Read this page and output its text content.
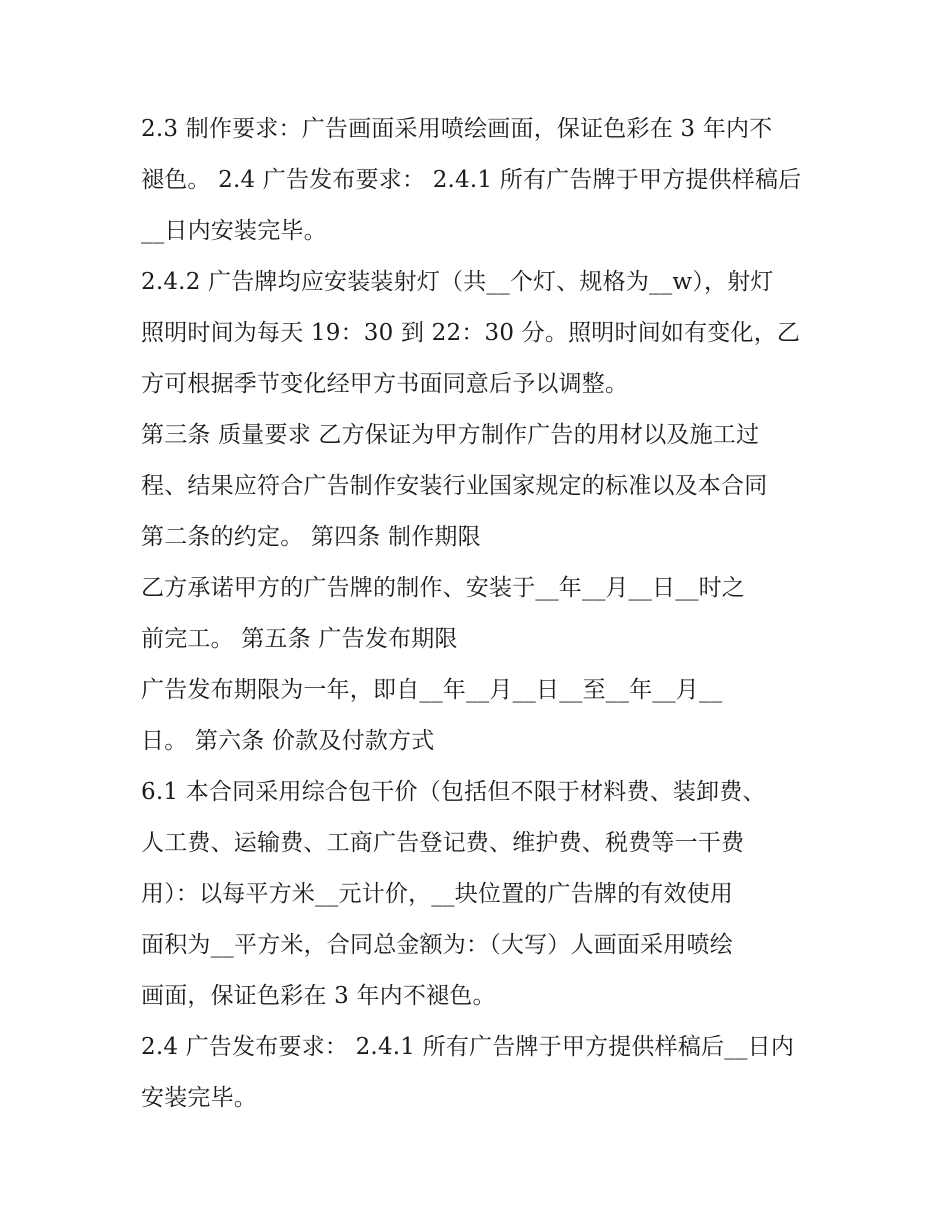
2.3 制作要求：广告画面采用喷绘画面，保证色彩在 3 年内不
褪色。 2.4 广告发布要求： 2.4.1 所有广告牌于甲方提供样稿后
__日内安装完毕。
2.4.2 广告牌均应安装装射灯（共__个灯、规格为__w），射灯
照明时间为每天 19：30 到 22：30 分。照明时间如有变化，乙
方可根据季节变化经甲方书面同意后予以调整。
第三条 质量要求 乙方保证为甲方制作广告的用材以及施工过
程、结果应符合广告制作安装行业国家规定的标准以及本合同
第二条的约定。 第四条 制作期限
乙方承诺甲方的广告牌的制作、安装于__年__月__日__时之
前完工。 第五条 广告发布期限
广告发布期限为一年，即自__年__月__日__至__年__月__
日。 第六条 价款及付款方式
6.1 本合同采用综合包干价（包括但不限于材料费、装卸费、
人工费、运输费、工商广告登记费、维护费、税费等一干费
用）：以每平方米__元计价，__块位置的广告牌的有效使用
面积为__平方米，合同总金额为：（大写）人画面采用喷绘
画面，保证色彩在 3 年内不褪色。
2.4 广告发布要求： 2.4.1 所有广告牌于甲方提供样稿后__日内
安装完毕。
